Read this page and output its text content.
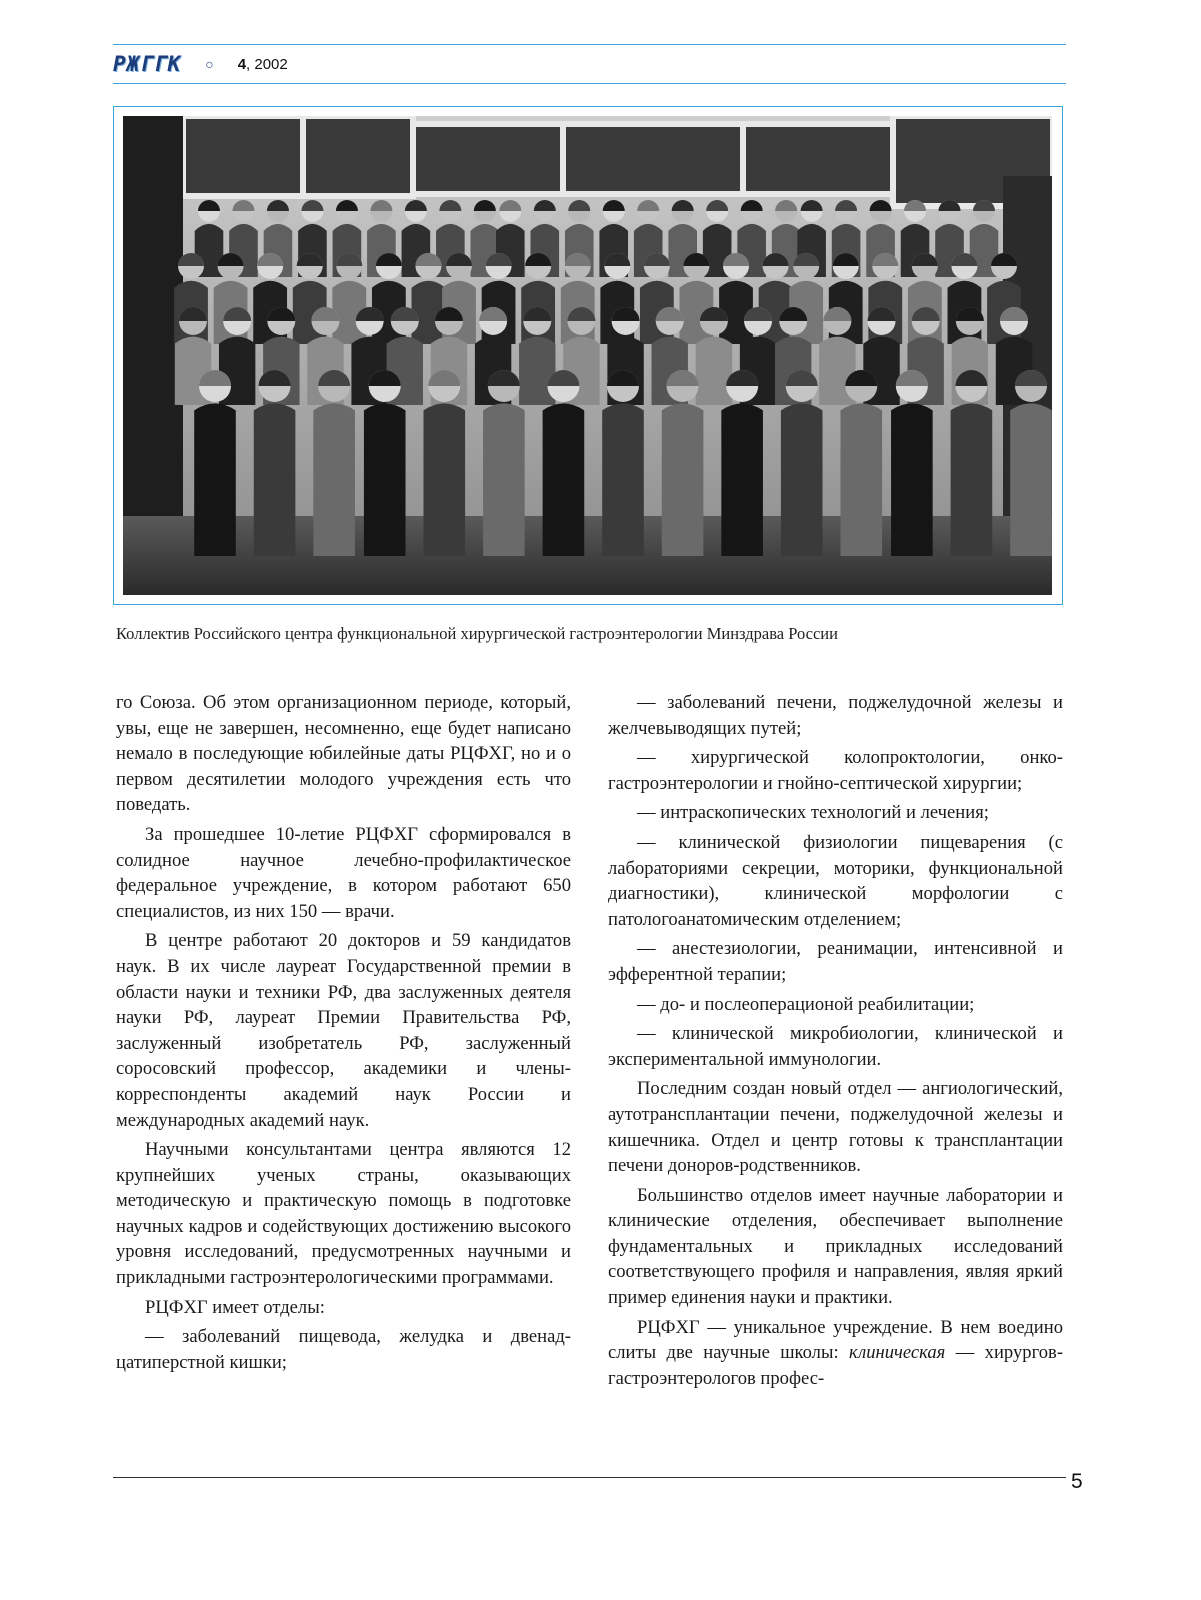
РЖГГК ○ 4, 2002
Коллектив Российского центра функциональной хирургической гастроэнтерологии Минздрава России

го Союза. Об этом организационном периоде, который, увы, еще не завершен, несомненно, еще будет написано немало в последующие юбилейные даты РЦФХГ, но и о первом десятилетии молодого учреждения есть что поведать.

За прошедшее 10-летие РЦФХГ сформировался в солидное научное лечебно-профилактическое федеральное учреждение, в котором работают 650 специалистов, из них 150 — врачи.

В центре работают 20 докторов и 59 кандидатов наук. В их числе лауреат Государственной премии в области науки и техники РФ, два заслуженных деятеля науки РФ, лауреат Премии Правительства РФ, заслуженный изобретатель РФ, заслуженный соросовский профессор, академики и члены-корреспонденты академий наук России и международных академий наук.

Научными консультантами центра являются 12 крупнейших ученых страны, оказывающих методическую и практическую помощь в подготовке научных кадров и содействующих достижению высокого уровня исследований, предусмотренных научными и прикладными гастроэнтерологическими программами.

РЦФХГ имеет отделы:

— заболеваний пищевода, желудка и двенадцатиперстной кишки;

— заболеваний печени, поджелудочной железы и желчевыводящих путей;

— хирургической колопроктологии, онкогастроэнтерологии и гнойно-септической хирургии;

— интраскопических технологий и лечения;

— клинической физиологии пищеварения (с лабораториями секреции, моторики, функциональной диагностики), клинической морфологии с патологоанатомическим отделением;

— анестезиологии, реанимации, интенсивной и эфферентной терапии;

— до- и послеоперационой реабилитации;

— клинической микробиологии, клинической и экспериментальной иммунологии.

Последним создан новый отдел — ангиологический, аутотрансплантации печени, поджелудочной железы и кишечника. Отдел и центр готовы к трансплантации печени доноров-родственников.

Большинство отделов имеет научные лаборатории и клинические отделения, обеспечивает выполнение фундаментальных и прикладных исследований соответствующего профиля и направления, являя яркий пример единения науки и практики.

РЦФХГ — уникальное учреждение. В нем воедино слиты две научные школы: клиническая — хирургов-гастроэнтерологов профес-

5
